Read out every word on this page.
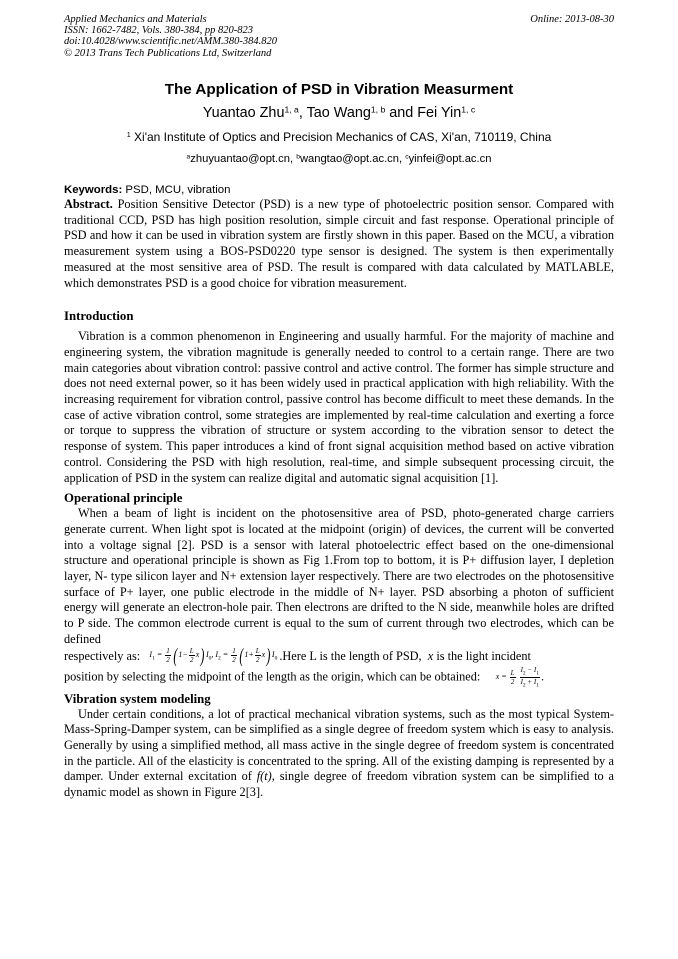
Applied Mechanics and Materials
ISSN: 1662-7482, Vols. 380-384, pp 820-823
doi:10.4028/www.scientific.net/AMM.380-384.820
© 2013 Trans Tech Publications Ltd, Switzerland
Online: 2013-08-30
The Application of PSD in Vibration Measurment
Yuantao Zhu$^{1, a}$, Tao Wang$^{1, b}$ and Fei Yin$^{1, c}$
$^1$ Xi'an Institute of Optics and Precision Mechanics of CAS, Xi'an, 710119, China
$^a$zhuyuantao@opt.cn, $^b$wangtao@opt.ac.cn, $^c$yinfei@opt.ac.cn
Keywords: PSD, MCU, vibration

Abstract. Position Sensitive Detector (PSD) is a new type of photoelectric position sensor. Compared with traditional CCD, PSD has high position resolution, simple circuit and fast response. Operational principle of PSD and how it can be used in vibration system are firstly shown in this paper. Based on the MCU, a vibration measurement system using a BOS-PSD0220 type sensor is designed. The system is then experimentally measured at the most sensitive area of PSD. The result is compared with data calculated by MATLABLE, which demonstrates PSD is a good choice for vibration measurement.

Introduction

Vibration is a common phenomenon in Engineering and usually harmful. For the majority of machine and engineering system, the vibration magnitude is generally needed to control to a certain range. There are two main categories about vibration control: passive control and active control. The former has simple structure and does not need external power, so it has been widely used in practical application with high reliability. With the increasing requirement for vibration control, passive control has become difficult to meet these demands. In the case of active vibration control, some strategies are implemented by real-time calculation and exerting a force or torque to suppress the vibration of structure or system according to the vibration sensor to detect the response of system. This paper introduces a kind of front signal acquisition method based on active vibration control. Considering the PSD with high resolution, real-time, and simple subsequent processing circuit, the application of PSD in the system can realize digital and automatic signal acquisition [1].

Operational principle

When a beam of light is incident on the photosensitive area of PSD, photo-generated charge carriers generate current. When light spot is located at the midpoint (origin) of devices, the current will be converted into a voltage signal [2]. PSD is a sensor with lateral photoelectric effect based on the one-dimensional structure and operational principle is shown as Fig 1.From top to bottom, it is P+ diffusion layer, I depletion layer, N- type silicon layer and N+ extension layer respectively. There are two electrodes on the photosensitive surface of P+ layer, one public electrode in the middle of N+ layer. PSD absorbing a photon of sufficient energy will generate an electron-hole pair. Then electrons are drifted to the N side, meanwhile holes are drifted to P side. The common electrode current is equal to the sum of current through two electrodes, which can be defined

respectively as: $I_1 = \frac{1}{2} (1- \frac{L}{2} x)I_0$, $I_2 = \frac{1}{2} (1+ \frac{L}{2} x)I_0$ .Here L is the length of PSD, x is the light incident

position by selecting the midpoint of the length as the origin, which can be obtained: $x = \frac{L}{2}$
$\frac{I_2 - I_1}{I_2 + I_1}$ .

Vibration system modeling

Under certain conditions, a lot of practical mechanical vibration systems, such as the most typical System-Mass-Spring-Damper system, can be simplified as a single degree of freedom system which is easy to analysis. Generally by using a simplified method, all mass active in the single degree of freedom system is concentrated in the particle. All of the elasticity is concentrated to the spring. All of the existing damping is represented by a damper. Under external excitation of f(t), single degree of freedom vibration system can be simplified to a dynamic model as shown in Figure 2[3].
